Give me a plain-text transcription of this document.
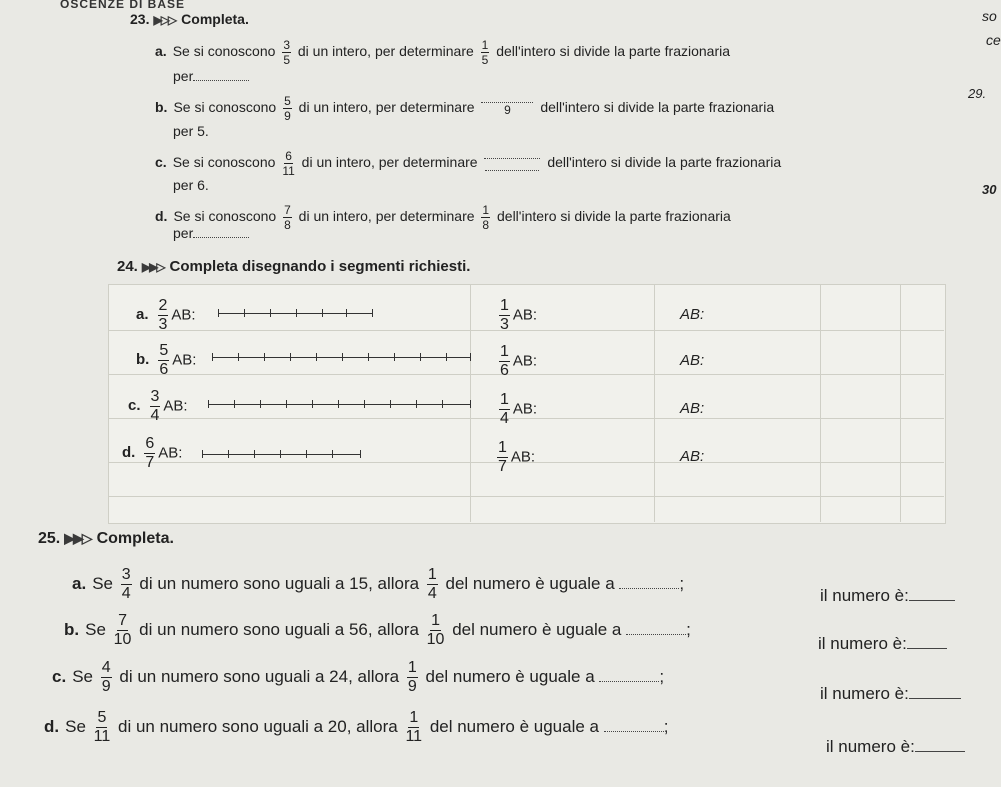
OSCENZE DI BASE
so
ce
29.
30
23. ▶▷▷ Completa.
a. Se si conoscono $\frac{3}{5}$ di un intero, per determinare $\frac{1}{5}$ dell'intero si divide la parte frazionaria
per
b. Se si conoscono $\frac{5}{9}$ di un intero, per determinare 9 dell'intero si divide la parte frazionaria
per 5.
c. Se si conoscono $\frac{6}{11}$ di un intero, per determinare	dell'intero si divide la parte frazionaria
per 6.
d. Se si conoscono $\frac{7}{8}$ di un intero, per determinare $\frac{1}{8}$ dell'intero si divide la parte frazionaria
per
24. ▶▶▷ Completa disegnando i segmenti richiesti.
a. $\frac{2}{3}$ AB:	$\frac{1}{3}$ AB:	AB:
b. $\frac{5}{6}$ AB:	$\frac{1}{6}$ AB:	AB:
c. $\frac{3}{4}$ AB:	$\frac{1}{4}$ AB:	AB:
d. $\frac{6}{7}$ AB:	$\frac{1}{7}$ AB:	AB:
25. ▶▶▷ Completa.
a. Se $\frac{3}{4}$ di un numero sono uguali a 15, allora $\frac{1}{4}$ del numero è uguale a	;
il numero è:
b. Se $\frac{7}{10}$ di un numero sono uguali a 56, allora $\frac{1}{10}$ del numero è uguale a	;
il numero è:
c. Se $\frac{4}{9}$ di un numero sono uguali a 24, allora $\frac{1}{9}$ del numero è uguale a	;
il numero è:
d. Se $\frac{5}{11}$ di un numero sono uguali a 20, allora $\frac{1}{11}$ del numero è uguale a	;
il numero è:
